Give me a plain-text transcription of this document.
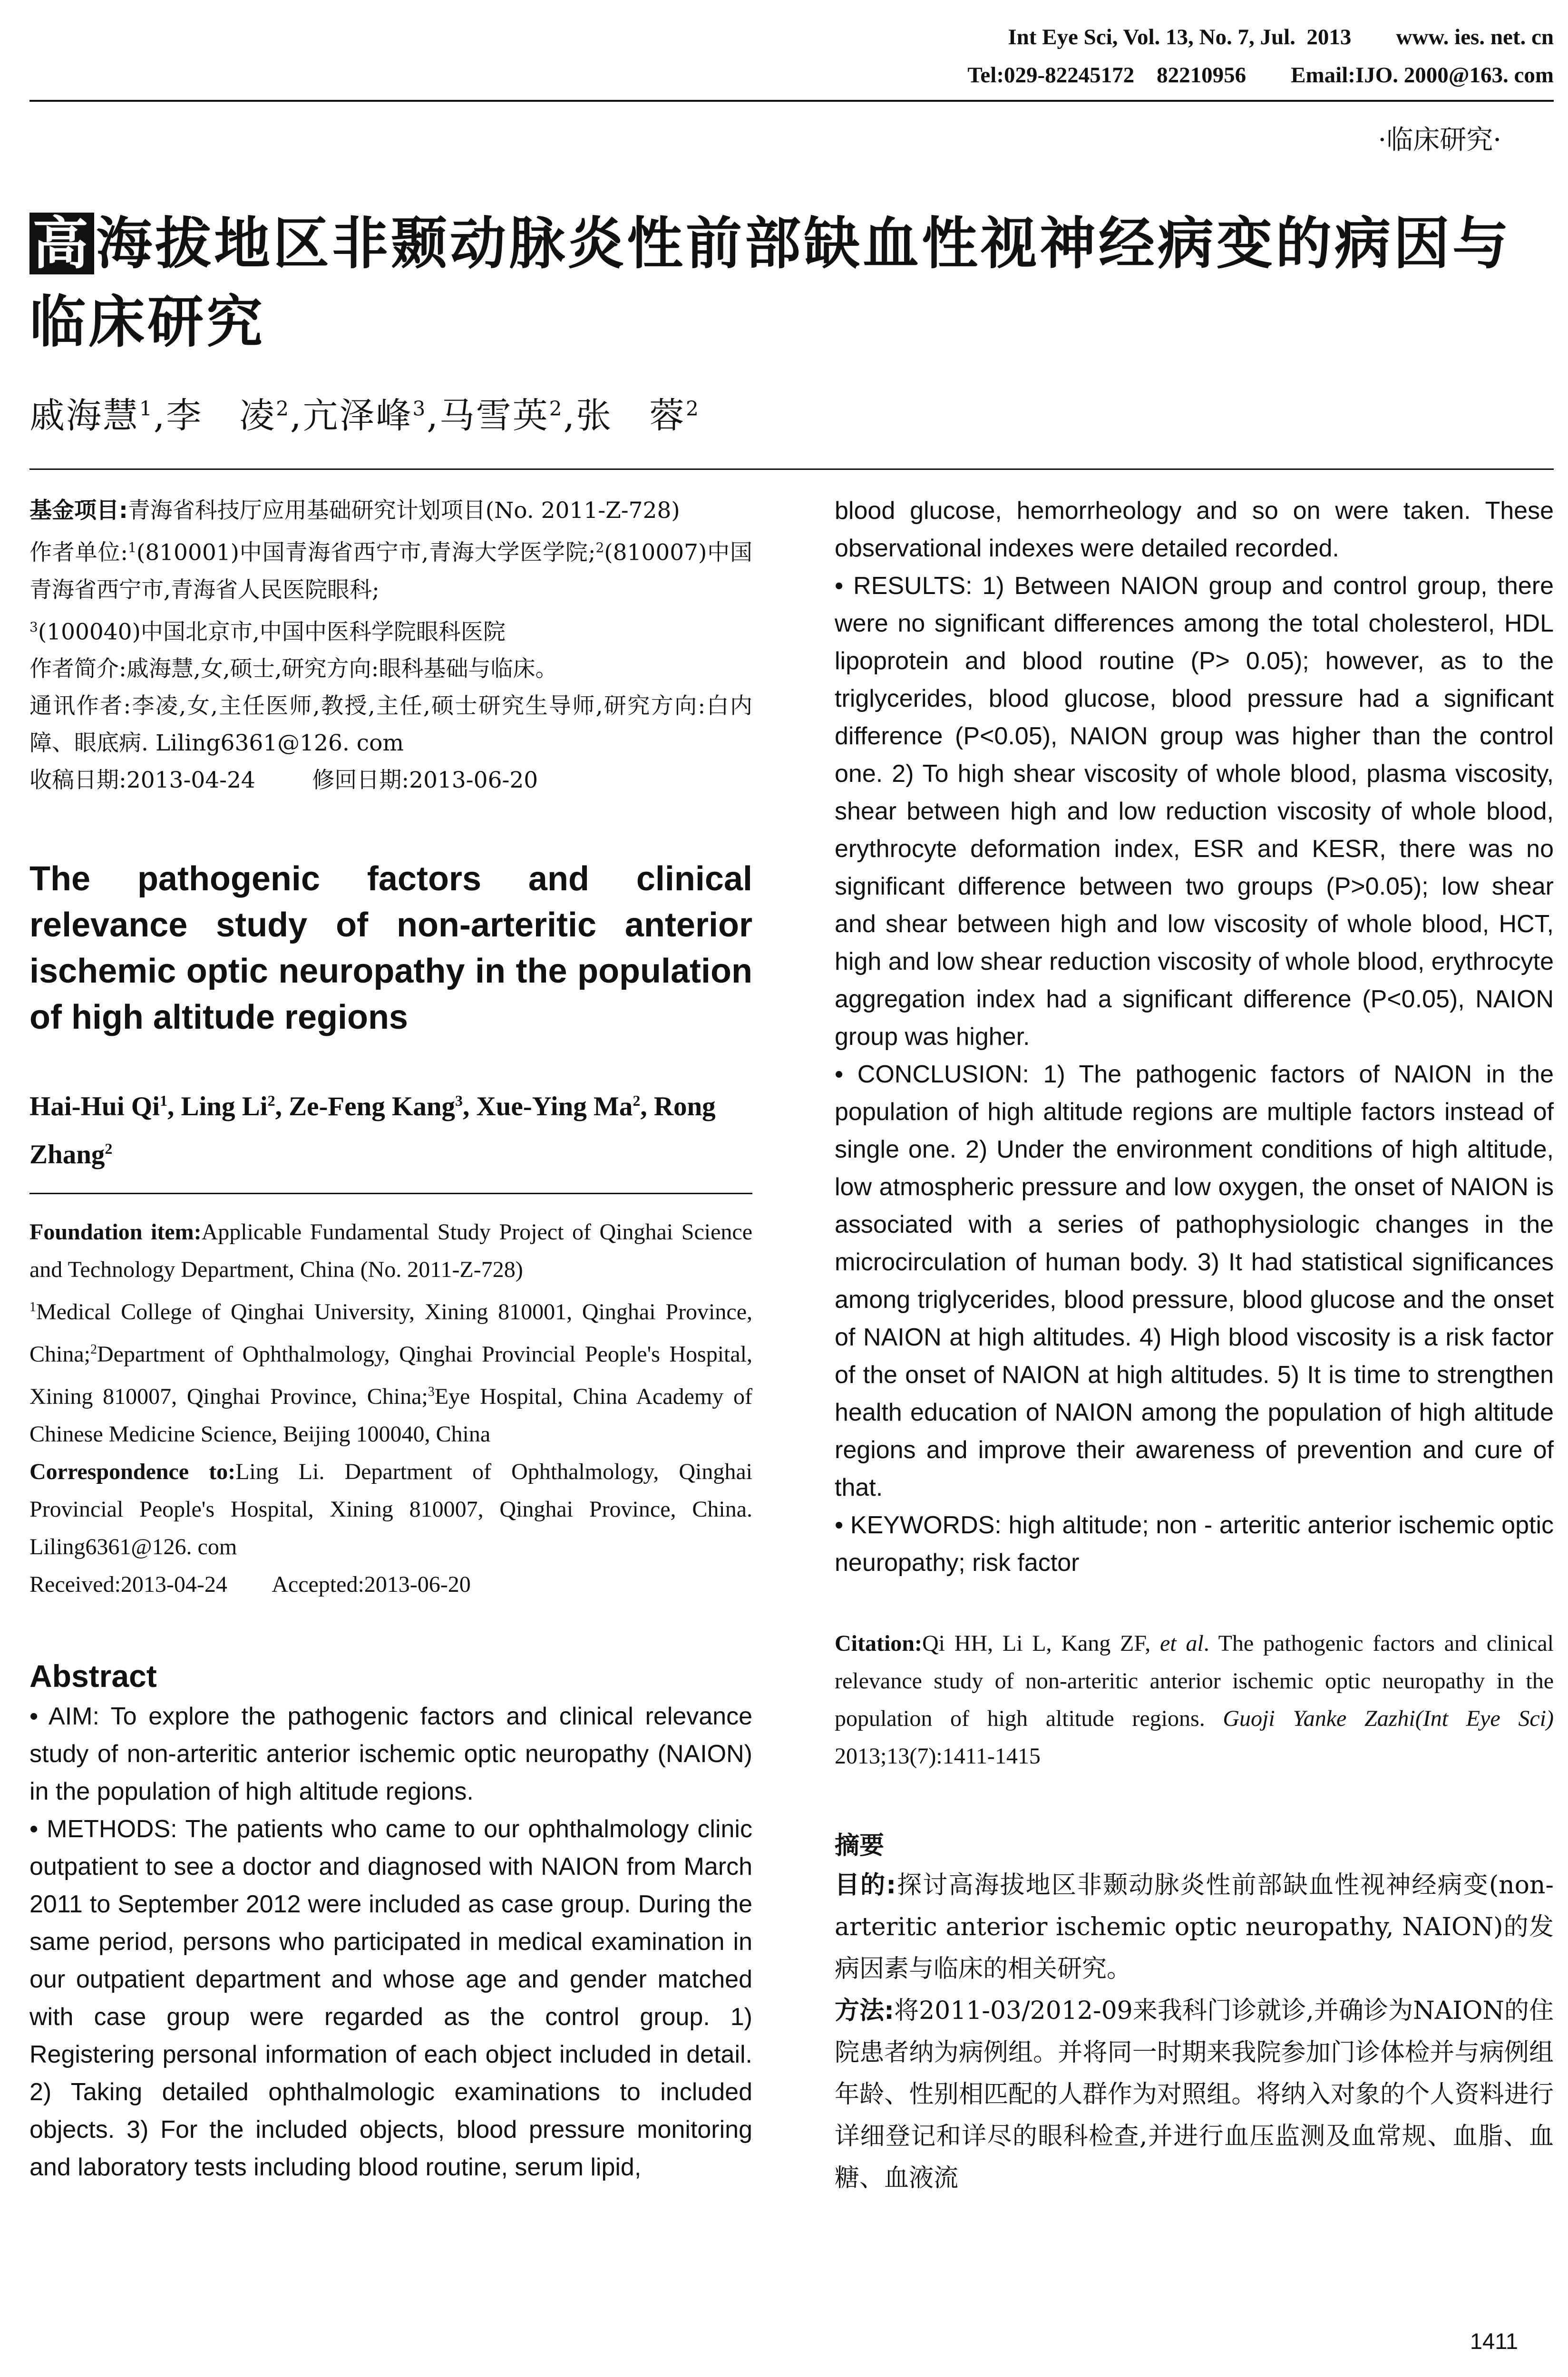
Int Eye Sci, Vol. 13, No. 7, Jul.  2013        www. ies. net. cn
Tel:029-82245172    82210956        Email:IJO. 2000@163. com
·临床研究·
高海拔地区非颞动脉炎性前部缺血性视神经病变的病因与临床研究
戚海慧$^1$,李　凌$^2$,亢泽峰$^3$,马雪英$^2$,张　蓉$^2$

基金项目:青海省科技厅应用基础研究计划项目(No. 2011-Z-728)

作者单位:$^1$(810001)中国青海省西宁市,青海大学医学院;$^2$(810007)中国青海省西宁市,青海省人民医院眼科;
$^3$(100040)中国北京市,中国中医科学院眼科医院

作者简介:戚海慧,女,硕士,研究方向:眼科基础与临床。

通讯作者:李凌,女,主任医师,教授,主任,硕士研究生导师,研究方向:白内障、眼底病. Liling6361@126. com

收稿日期:2013-04-24        修回日期:2013-06-20

The pathogenic factors and clinical relevance study of non-arteritic anterior ischemic optic neuropathy in the population of high altitude regions

Hai-Hui Qi$^1$, Ling Li$^2$, Ze-Feng Kang$^3$, Xue-Ying Ma$^2$, Rong Zhang$^2$

Foundation item:Applicable Fundamental Study Project of Qinghai Science and Technology Department, China (No. 2011-Z-728)

$^1$Medical College of Qinghai University, Xining 810001, Qinghai Province, China;$^2$Department of Ophthalmology, Qinghai Provincial People's Hospital, Xining 810007, Qinghai Province, China;$^3$Eye Hospital, China Academy of Chinese Medicine Science, Beijing 100040, China

Correspondence to:Ling Li. Department of Ophthalmology, Qinghai Provincial People's Hospital, Xining 810007, Qinghai Province, China. Liling6361@126. com

Received:2013-04-24        Accepted:2013-06-20

Abstract

• AIM: To explore the pathogenic factors and clinical relevance study of non-arteritic anterior ischemic optic neuropathy (NAION) in the population of high altitude regions.

• METHODS: The patients who came to our ophthalmology clinic outpatient to see a doctor and diagnosed with NAION from March 2011 to September 2012 were included as case group. During the same period, persons who participated in medical examination in our outpatient department and whose age and gender matched with case group were regarded as the control group. 1) Registering personal information of each object included in detail. 2) Taking detailed ophthalmologic examinations to included objects. 3) For the included objects, blood pressure monitoring and laboratory tests including blood routine, serum lipid,

blood glucose, hemorrheology and so on were taken. These observational indexes were detailed recorded.

• RESULTS: 1) Between NAION group and control group, there were no significant differences among the total cholesterol, HDL lipoprotein and blood routine (P> 0.05); however, as to the triglycerides, blood glucose, blood pressure had a significant difference (P<0.05), NAION group was higher than the control one. 2) To high shear viscosity of whole blood, plasma viscosity, shear between high and low reduction viscosity of whole blood, erythrocyte deformation index, ESR and KESR, there was no significant difference between two groups (P>0.05); low shear and shear between high and low viscosity of whole blood, HCT, high and low shear reduction viscosity of whole blood, erythrocyte aggregation index had a significant difference (P<0.05), NAION group was higher.

• CONCLUSION: 1) The pathogenic factors of NAION in the population of high altitude regions are multiple factors instead of single one. 2) Under the environment conditions of high altitude, low atmospheric pressure and low oxygen, the onset of NAION is associated with a series of pathophysiologic changes in the microcirculation of human body. 3) It had statistical significances among triglycerides, blood pressure, blood glucose and the onset of NAION at high altitudes. 4) High blood viscosity is a risk factor of the onset of NAION at high altitudes. 5) It is time to strengthen health education of NAION among the population of high altitude regions and improve their awareness of prevention and cure of that.

• KEYWORDS: high altitude; non - arteritic anterior ischemic optic neuropathy; risk factor

Citation:Qi HH, Li L, Kang ZF, et al. The pathogenic factors and clinical relevance study of non-arteritic anterior ischemic optic neuropathy in the population of high altitude regions. Guoji Yanke Zazhi(Int Eye Sci) 2013;13(7):1411-1415

摘要

目的:探讨高海拔地区非颞动脉炎性前部缺血性视神经病变(non-arteritic anterior ischemic optic neuropathy, NAION)的发病因素与临床的相关研究。

方法:将2011-03/2012-09来我科门诊就诊,并确诊为NAION的住院患者纳为病例组。并将同一时期来我院参加门诊体检并与病例组年龄、性别相匹配的人群作为对照组。将纳入对象的个人资料进行详细登记和详尽的眼科检查,并进行血压监测及血常规、血脂、血糖、血液流

1411
